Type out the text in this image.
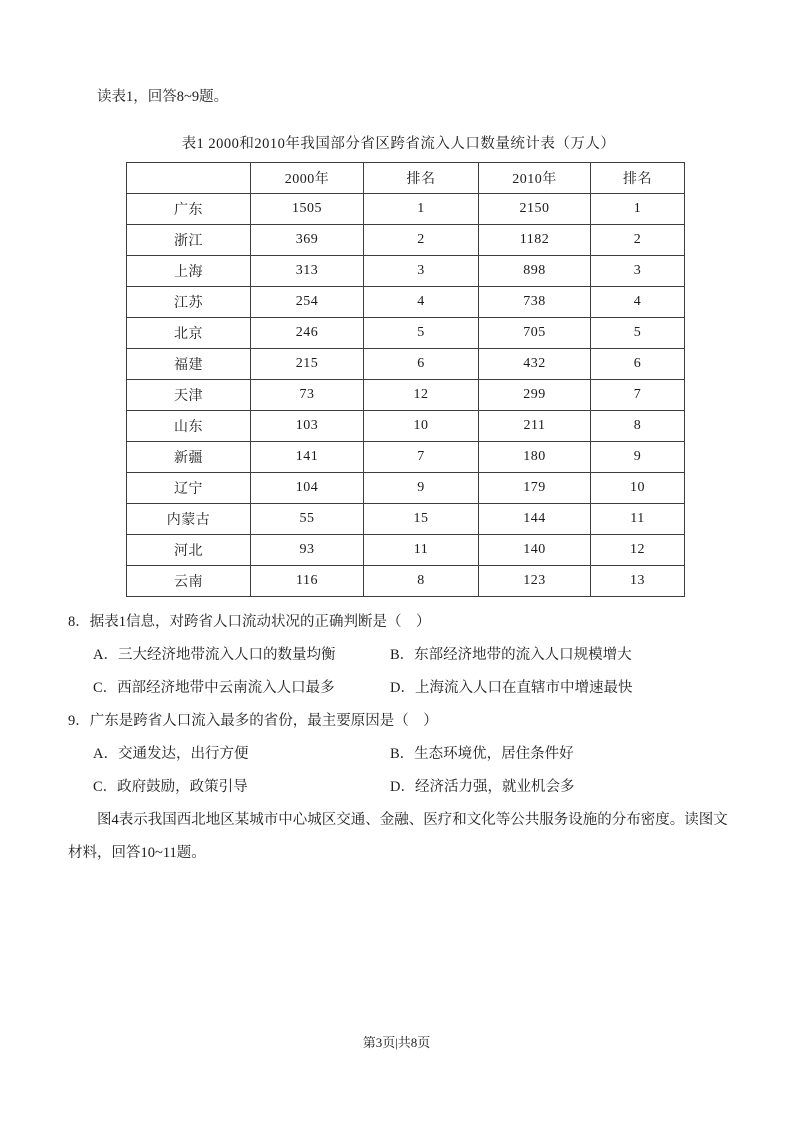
读表1，回答8~9题。

表1 2000和2010年我国部分省区跨省流入人口数量统计表（万人）

	2000年	排名	2010年	排名
广东	1505	1	2150	1
浙江	369	2	1182	2
上海	313	3	898	3
江苏	254	4	738	4
北京	246	5	705	5
福建	215	6	432	6
天津	73	12	299	7
山东	103	10	211	8
新疆	141	7	180	9
辽宁	104	9	179	10
内蒙古	55	15	144	11
河北	93	11	140	12
云南	116	8	123	13
8．据表1信息，对跨省人口流动状况的正确判断是（　）
A．三大经济地带流入人口的数量均衡	B．东部经济地带的流入人口规模增大
C．西部经济地带中云南流入人口最多	D．上海流入人口在直辖市中增速最快
9．广东是跨省人口流入最多的省份，最主要原因是（　）
A．交通发达，出行方便	B．生态环境优，居住条件好
C．政府鼓励，政策引导	D．经济活力强，就业机会多

图4表示我国西北地区某城市中心城区交通、金融、医疗和文化等公共服务设施的分布密度。读图文材料，回答10~11题。

第3页|共8页
